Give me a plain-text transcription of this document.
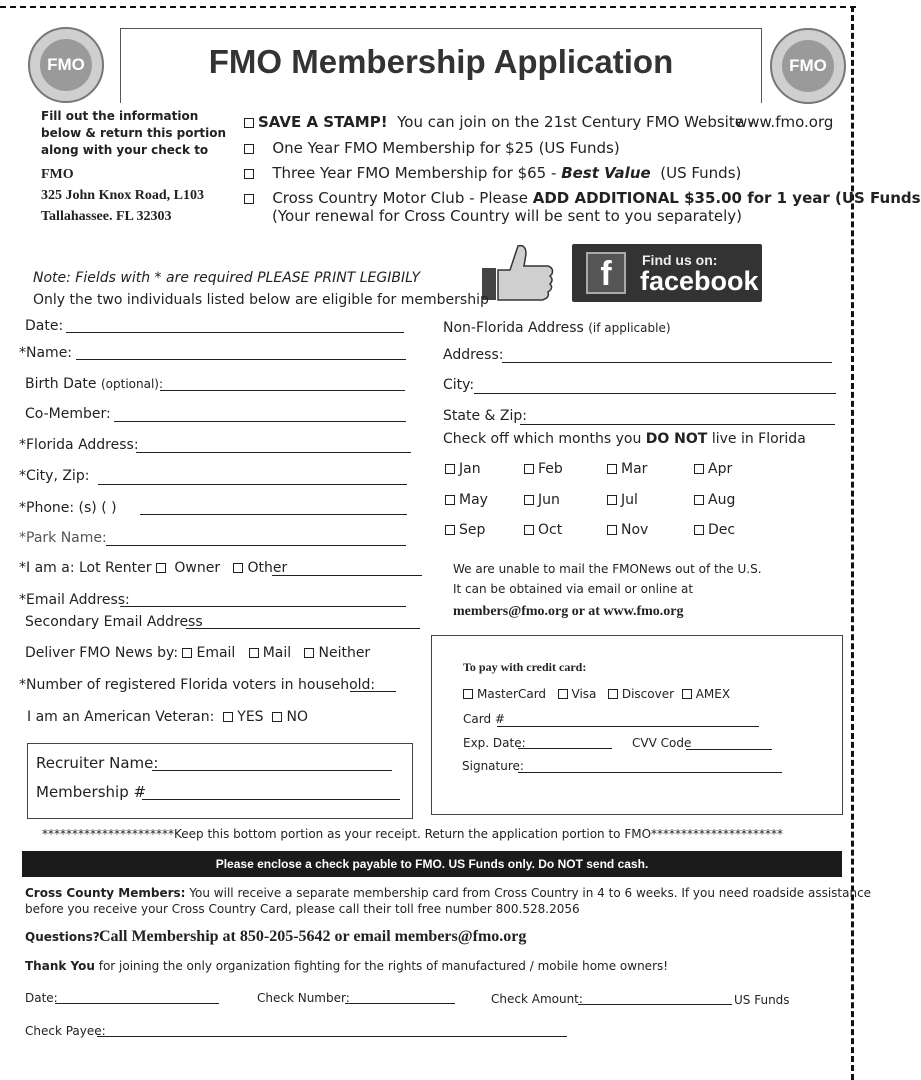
FMO	FMO
FMO Membership Application
Fill out the information
below & return this portion
along with your check to
FMO
325 John Knox Road, L103
Tallahassee. FL 32303
SAVE A STAMP! You can join on the 21st Century FMO Website -
www.fmo.org
One Year FMO Membership for $25 (US Funds)
Three Year FMO Membership for $65 - Best Value (US Funds)
Cross Country Motor Club - Please ADD ADDITIONAL $35.00 for 1 year (US Funds
(Your renewal for Cross Country will be sent to you separately)
f	Find us on:
facebook
Note: Fields with * are required PLEASE PRINT LEGIBILY
Only the two individuals listed below are eligible for membership
Date:
*Name:
Birth Date (optional):
Co-Member:
*Florida Address:
*City, Zip:
*Phone: (s) ( )
*Park Name:
*I am a: Lot Renter Owner Other
*Email Address:
Secondary Email Address
Deliver FMO News by: Email Mail Neither
*Number of registered Florida voters in household:
I am an American Veteran: YES NO
Recruiter Name:
Membership #
Non-Florida Address (if applicable)
Address:
City:
State & Zip:
Check off which months you DO NOT live in Florida
Jan	Feb	Mar	Apr
May	Jun	Jul	Aug
Sep	Oct	Nov	Dec
We are unable to mail the FMONews out of the U.S.
It can be obtained via email or online at
members@fmo.org or at www.fmo.org
To pay with credit card:
MasterCard Visa Discover AMEX
Card #
Exp. Date:	CVV Code
Signature:
**********************Keep this bottom portion as your receipt. Return the application portion to FMO**********************
Please enclose a check payable to FMO. US Funds only. Do NOT send cash.
Cross County Members: You will receive a separate membership card from Cross Country in 4 to 6 weeks. If you need roadside assistance
before you receive your Cross Country Card, please call their toll free number 800.528.2056
Questions? Call Membership at 850-205-5642 or email members@fmo.org
Thank You for joining the only organization fighting for the rights of manufactured / mobile home owners!
Date:	Check Number:	Check Amount:	US Funds
Check Payee:
